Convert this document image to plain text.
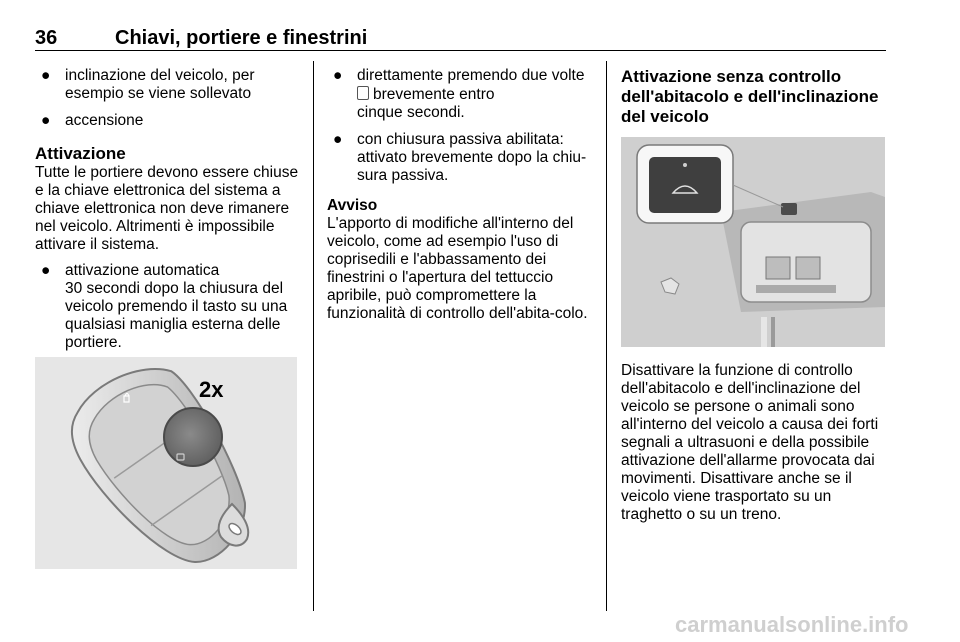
36	Chiavi, portiere e finestrini
● inclinazione del veicolo, per esempio se viene sollevato
● accensione

Attivazione

Tutte le portiere devono essere chiuse e la chiave elettronica del sistema a chiave elettronica non deve rimanere nel veicolo. Altrimenti è impossibile attivare il sistema.

● attivazione automatica
30 secondi dopo la chiusura del veicolo premendo il tasto su una qualsiasi maniglia esterna delle portiere.
2x
● direttamente premendo due volte
brevemente entro
cinque secondi.
● con chiusura passiva abilitata: attivato brevemente dopo la chiu-sura passiva.

Avviso

L'apporto di modifiche all'interno del veicolo, come ad esempio l'uso di coprisedili e l'abbassamento dei finestrini o l'apertura del tettuccio apribile, può compromettere la funzionalità di controllo dell'abita-colo.

Attivazione senza controllo dell'abitacolo e dell'inclinazione del veicolo

Disattivare la funzione di controllo dell'abitacolo e dell'inclinazione del veicolo se persone o animali sono all'interno del veicolo a causa dei forti segnali a ultrasuoni e della possibile attivazione dell'allarme provocata dai movimenti. Disattivare anche se il veicolo viene trasportato su un traghetto o su un treno.

carmanualsonline.info
